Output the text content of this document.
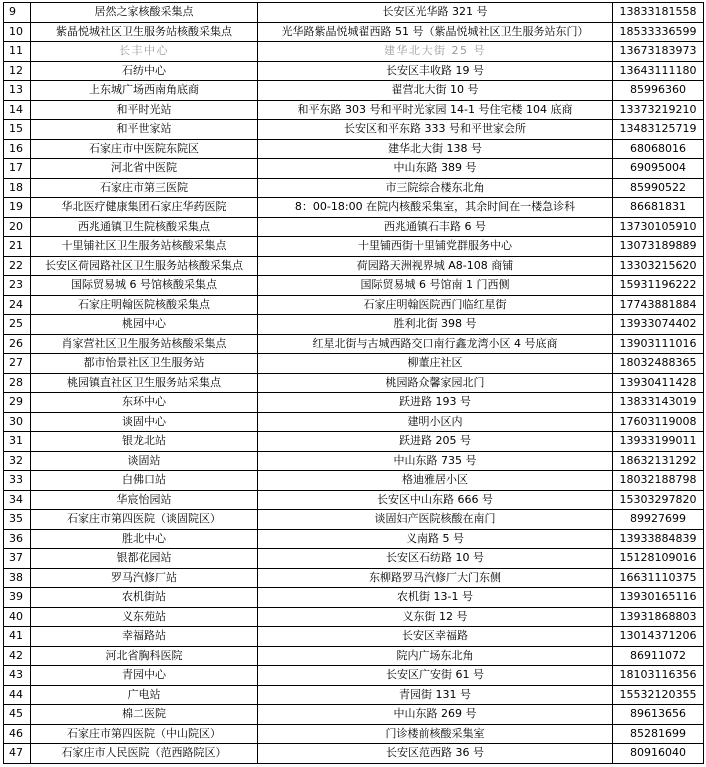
9	居然之家核酸采集点	长安区光华路 321 号	13833181558
10	紫晶悦城社区卫生服务站核酸采集点	光华路紫晶悦城翟西路 51 号（紫晶悦城社区卫生服务站东门）	18533336599
11	长丰中心	建华北大街 25 号	13673183973
12	石纺中心	长安区丰收路 19 号	13643111180
13	上东城广场西南角底商	翟营北大街 10 号	85996360
14	和平时光站	和平东路 303 号和平时光家园 14-1 号住宅楼 104 底商	13373219210
15	和平世家站	长安区和平东路 333 号和平世家会所	13483125719
16	石家庄市中医院东院区	建华北大街 138 号	68068016
17	河北省中医院	中山东路 389 号	69095004
18	石家庄市第三医院	市三院综合楼东北角	85990522
19	华北医疗健康集团石家庄华药医院	8：00-18:00 在院内核酸采集室，其余时间在一楼急诊科	86681831
20	西兆通镇卫生院核酸采集点	西兆通镇石丰路 6 号	13730105910
21	十里铺社区卫生服务站核酸采集点	十里铺西街十里铺党群服务中心	13073189889
22	长安区荷园路社区卫生服务站核酸采集点	荷园路天洲视界城 A8-108 商铺	13303215620
23	国际贸易城 6 号馆核酸采集点	国际贸易城 6 号馆南 1 门西侧	15931196222
24	石家庄明翰医院核酸采集点	石家庄明翰医院西门临红星街	17743881884
25	桃园中心	胜利北街 398 号	13933074402
26	肖家营社区卫生服务站核酸采集点	红星北街与古城西路交口南行鑫龙湾小区 4 号底商	13903111016
27	都市怡景社区卫生服务站	柳董庄社区	18032488365
28	桃园镇直社区卫生服务站采集点	桃园路众馨家园北门	13930411428
29	东环中心	跃进路 193 号	13833143019
30	谈固中心	建明小区内	17603119008
31	银龙北站	跃进路 205 号	13933199011
32	谈固站	中山东路 735 号	18632131292
33	白佛口站	格迪雅居小区	18032188798
34	华宸怡园站	长安区中山东路 666 号	15303297820
35	石家庄市第四医院（谈固院区）	谈固妇产医院核酸在南门	89927699
36	胜北中心	义南路 5 号	13933884839
37	银都花园站	长安区石纺路 10 号	15128109016
38	罗马汽修厂站	东柳路罗马汽修厂大门东侧	16631110375
39	农机街站	农机街 13-1 号	13930165116
40	义东苑站	义东街 12 号	13931868803
41	幸福路站	长安区幸福路	13014371206
42	河北省胸科医院	院内广场东北角	86911072
43	青园中心	长安区广安街 61 号	18103116356
44	广电站	青园街 131 号	15532120355
45	棉二医院	中山东路 269 号	89613656
46	石家庄市第四医院（中山院区）	门诊楼前核酸采集室	85281699
47	石家庄市人民医院（范西路院区）	长安区范西路 36 号	80916040
